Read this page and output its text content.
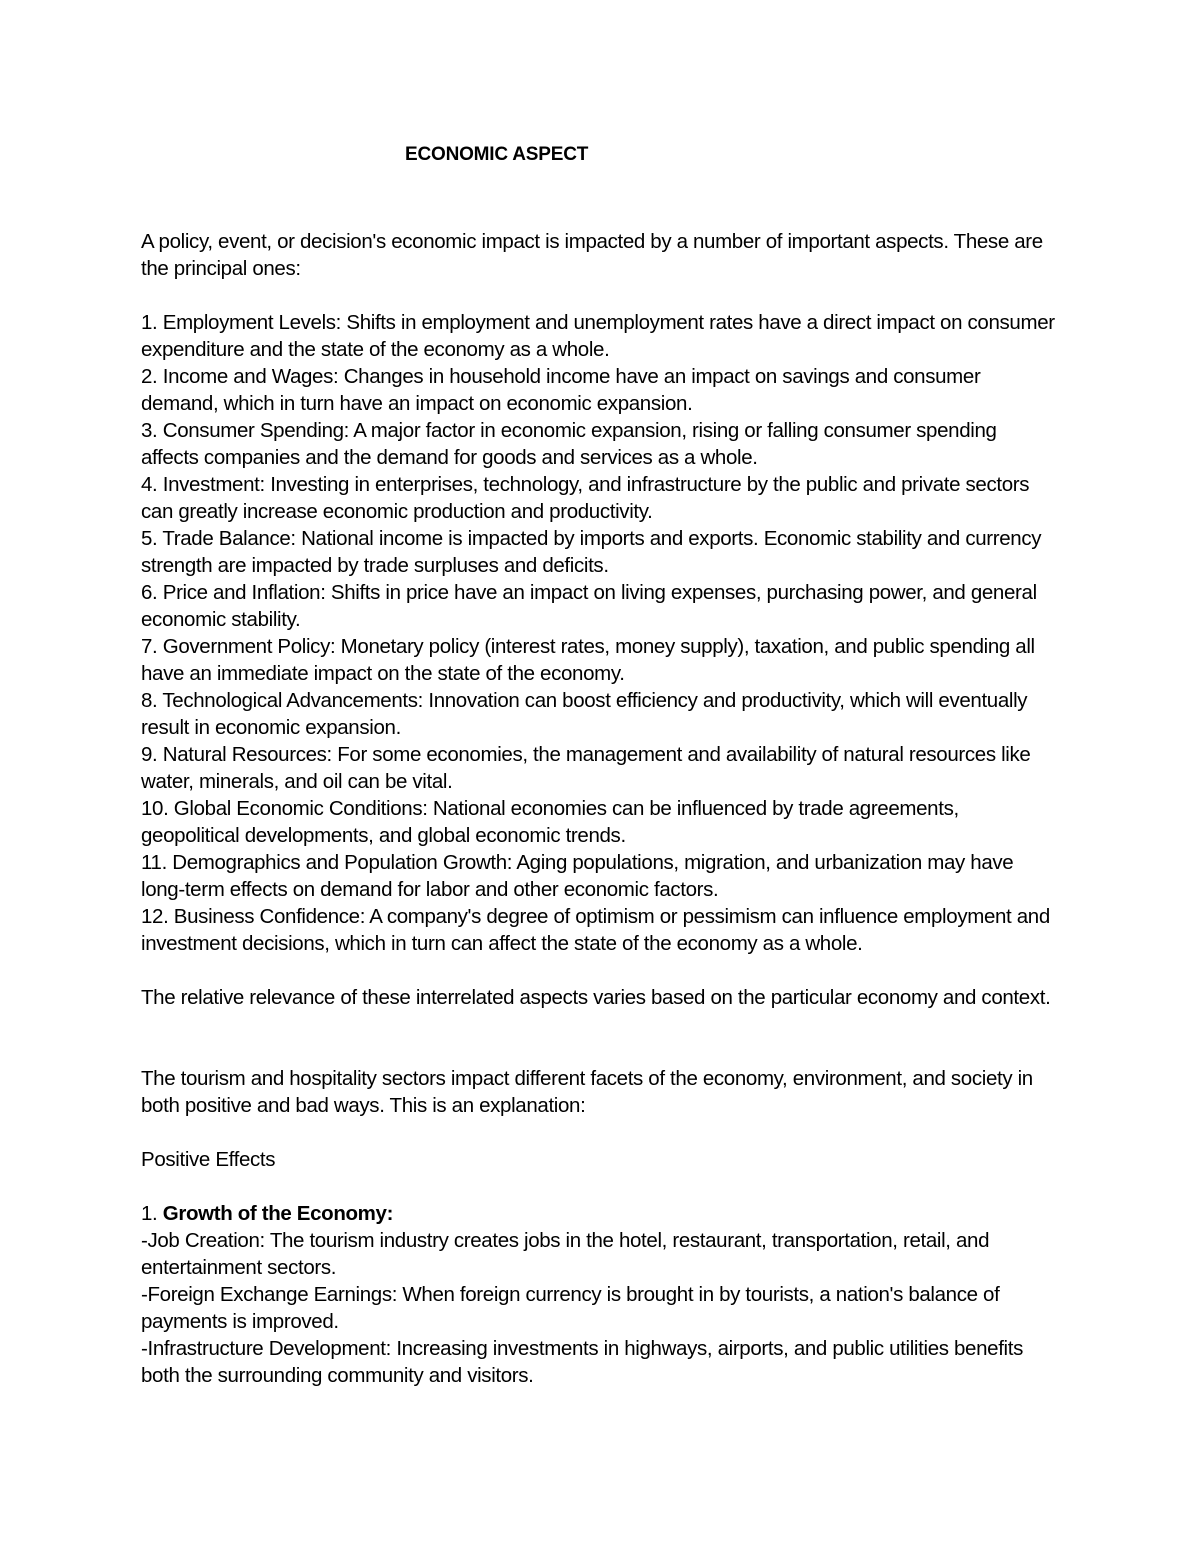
ECONOMIC ASPECT

A policy, event, or decision's economic impact is impacted by a number of important aspects. These are the principal ones:

1. Employment Levels: Shifts in employment and unemployment rates have a direct impact on consumer expenditure and the state of the economy as a whole.

2. Income and Wages: Changes in household income have an impact on savings and consumer demand, which in turn have an impact on economic expansion.

3. Consumer Spending: A major factor in economic expansion, rising or falling consumer spending affects companies and the demand for goods and services as a whole.

4. Investment: Investing in enterprises, technology, and infrastructure by the public and private sectors can greatly increase economic production and productivity.

5. Trade Balance: National income is impacted by imports and exports. Economic stability and currency strength are impacted by trade surpluses and deficits.

6. Price and Inflation: Shifts in price have an impact on living expenses, purchasing power, and general economic stability.

7. Government Policy: Monetary policy (interest rates, money supply), taxation, and public spending all have an immediate impact on the state of the economy.

8. Technological Advancements: Innovation can boost efficiency and productivity, which will eventually result in economic expansion.

9. Natural Resources: For some economies, the management and availability of natural resources like water, minerals, and oil can be vital.

10. Global Economic Conditions: National economies can be influenced by trade agreements, geopolitical developments, and global economic trends.

11. Demographics and Population Growth: Aging populations, migration, and urbanization may have long-term effects on demand for labor and other economic factors.

12. Business Confidence: A company's degree of optimism or pessimism can influence employment and investment decisions, which in turn can affect the state of the economy as a whole.

The relative relevance of these interrelated aspects varies based on the particular economy and context.

The tourism and hospitality sectors impact different facets of the economy, environment, and society in both positive and bad ways. This is an explanation:

Positive Effects

1. Growth of the Economy:

-Job Creation: The tourism industry creates jobs in the hotel, restaurant, transportation, retail, and entertainment sectors.

-Foreign Exchange Earnings: When foreign currency is brought in by tourists, a nation's balance of payments is improved.

-Infrastructure Development: Increasing investments in highways, airports, and public utilities benefits both the surrounding community and visitors.
